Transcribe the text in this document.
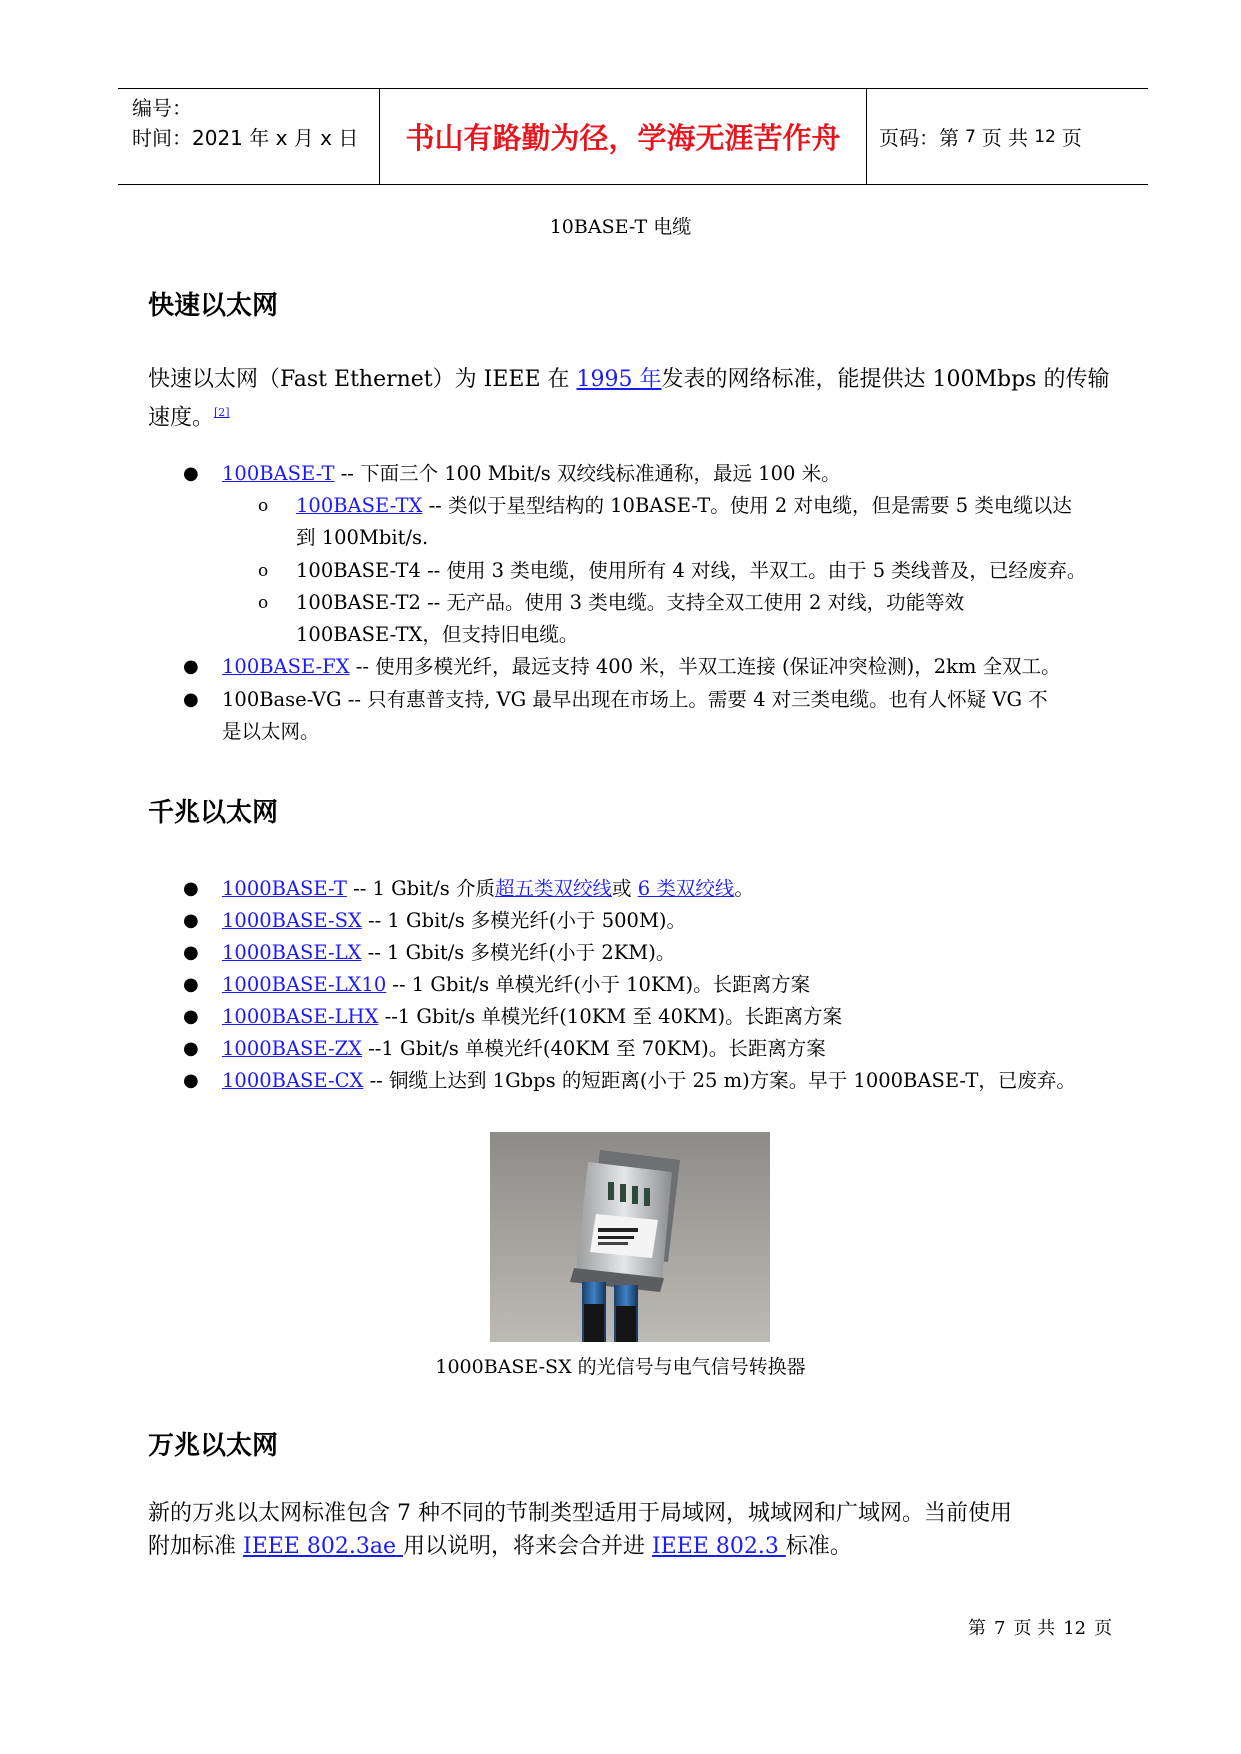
编号：
时间：2021 年 x 月 x 日	书山有路勤为径，学海无涯苦作舟	页码：第 7 页 共 12 页
10BASE-T 电缆
快速以太网
快速以太网（Fast Ethernet）为 IEEE 在 1995 年发表的网络标准，能提供达 100Mbps 的传输速度。[2]
● 100BASE-T -- 下面三个 100 Mbit/s 双绞线标准通称，最远 100 米。
o 100BASE-TX -- 类似于星型结构的 10BASE-T。使用 2 对电缆，但是需要 5 类电缆以达
到 100Mbit/s.
o 100BASE-T4 -- 使用 3 类电缆，使用所有 4 对线，半双工。由于 5 类线普及，已经废弃。
o 100BASE-T2 -- 无产品。使用 3 类电缆。支持全双工使用 2 对线，功能等效
100BASE-TX，但支持旧电缆。
● 100BASE-FX -- 使用多模光纤，最远支持 400 米，半双工连接 (保证冲突检测)，2km 全双工。
● 100Base-VG -- 只有惠普支持, VG 最早出现在市场上。需要 4 对三类电缆。也有人怀疑 VG 不
是以太网。
千兆以太网
● 1000BASE-T -- 1 Gbit/s 介质超五类双绞线或 6 类双绞线。
● 1000BASE-SX -- 1 Gbit/s 多模光纤(小于 500M)。
● 1000BASE-LX -- 1 Gbit/s 多模光纤(小于 2KM)。
● 1000BASE-LX10 -- 1 Gbit/s 单模光纤(小于 10KM)。长距离方案
● 1000BASE-LHX --1 Gbit/s 单模光纤(10KM 至 40KM)。长距离方案
● 1000BASE-ZX --1 Gbit/s 单模光纤(40KM 至 70KM)。长距离方案
● 1000BASE-CX -- 铜缆上达到 1Gbps 的短距离(小于 25 m)方案。早于 1000BASE-T，已废弃。
1000BASE-SX 的光信号与电气信号转换器
万兆以太网
新的万兆以太网标准包含 7 种不同的节制类型适用于局域网，城域网和广域网。当前使用
附加标准 IEEE 802.3ae 用以说明，将来会合并进 IEEE 802.3 标准。
第 7 页 共 12 页
